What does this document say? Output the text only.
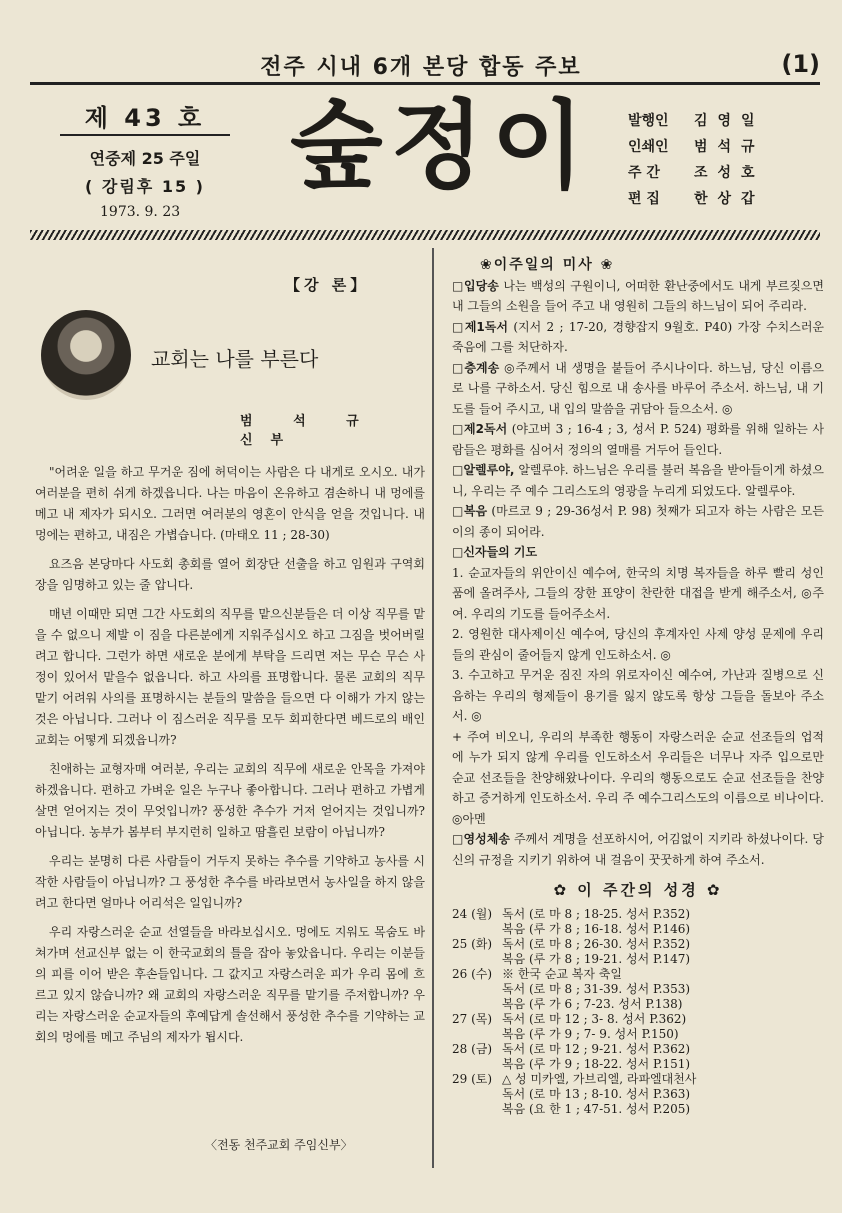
전주 시내 6개 본당 합동 주보	(1)
제 43 호
연중제 25 주일
( 강림후 15 )
1973. 9. 23
숲정이	발행인	김영일
인쇄인	범석규
주 간	조성호
편 집	한상갑
【강 론】
교회는 나를 부른다
범 석 규 신부

"어려운 일을 하고 무거운 짐에 허덕이는 사람은 다 내게로 오시오. 내가 여러분을 편히 쉬게 하겠읍니다. 나는 마음이 온유하고 겸손하니 내 멍에를 메고 내 제자가 되시오. 그러면 여러분의 영혼이 안식을 얻을 것입니다. 내 멍에는 편하고, 내짐은 가볍습니다. (마태오 11 ; 28-30)

요즈음 본당마다 사도회 총회를 열어 회장단 선출을 하고 임원과 구역회장을 임명하고 있는 줄 압니다.

매년 이때만 되면 그간 사도회의 직무를 맡으신분들은 더 이상 직무를 맡을 수 없으니 제발 이 짐을 다른분에게 지워주십시오 하고 그짐을 벗어버릴려고 합니다. 그런가 하면 새로운 분에게 부탁을 드리면 저는 무슨 무슨 사정이 있어서 맡을수 없읍니다. 하고 사의를 표명합니다. 물론 교회의 직무 맡기 어려워 사의를 표명하시는 분들의 말씀을 들으면 다 이해가 가지 않는 것은 아닙니다. 그러나 이 짐스러운 직무를 모두 회피한다면 베드로의 배인 교회는 어떻게 되겠읍니까?

친애하는 교형자매 여러분, 우리는 교회의 직무에 새로운 안목을 가져야 하겠읍니다. 편하고 가벼운 일은 누구나 좋아합니다. 그러나 편하고 가볍게 살면 얻어지는 것이 무엇입니까? 풍성한 추수가 거저 얻어지는 것입니까? 아닙니다. 농부가 봄부터 부지런히 일하고 땀흘린 보람이 아닙니까?

우리는 분명히 다른 사람들이 거두지 못하는 추수를 기약하고 농사를 시작한 사람들이 아닙니까? 그 풍성한 추수를 바라보면서 농사일을 하지 않을려고 한다면 얼마나 어리석은 일입니까?

우리 자랑스러운 순교 선열들을 바라보십시오. 멍에도 지워도 목숨도 바쳐가며 선교신부 없는 이 한국교회의 틀을 잡아 놓았읍니다. 우리는 이분들의 피를 이어 받은 후손들입니다. 그 값지고 자랑스러운 피가 우리 몸에 흐르고 있지 않습니까? 왜 교회의 자랑스러운 직무를 맡기를 주저합니까? 우리는 자랑스러운 순교자들의 후예답게 솔선해서 풍성한 추수를 기약하는 교회의 멍에를 메고 주님의 제자가 됩시다.

〈전동 천주교회 주임신부〉
❀이주일의 미사 ❀

□입당송 나는 백성의 구원이니, 어떠한 환난중에서도 내게 부르짖으면 내 그들의 소원을 들어 주고 내 영원히 그들의 하느님이 되어 주리라.

□제1독서 (지서 2 ; 17-20, 경향잡지 9월호. P40) 가장 수치스러운 죽음에 그를 처단하자.

□층계송 ◎주께서 내 생명을 붙들어 주시나이다. 하느님, 당신 이름으로 나를 구하소서. 당신 힘으로 내 송사를 바루어 주소서. 하느님, 내 기도를 들어 주시고, 내 입의 말씀을 귀담아 들으소서. ◎

□제2독서 (야고버 3 ; 16-4 ; 3, 성서 P. 524) 평화를 위해 일하는 사람들은 평화를 심어서 정의의 열매를 거두어 들인다.

□알렐루야, 알렐루야. 하느님은 우리를 불러 복음을 받아들이게 하셨으니, 우리는 주 예수 그리스도의 영광을 누리게 되었도다. 알렐루야.

□복음 (마르코 9 ; 29-36성서 P. 98) 첫째가 되고자 하는 사람은 모든 이의 종이 되어라.

□신자들의 기도

1. 순교자들의 위안이신 예수여, 한국의 치명 복자들을 하루 빨리 성인 품에 올려주사, 그들의 장한 표양이 찬란한 대접을 받게 해주소서, ◎주여. 우리의 기도를 들어주소서.

2. 영원한 대사제이신 예수여, 당신의 후계자인 사제 양성 문제에 우리들의 관심이 줄어들지 않게 인도하소서. ◎

3. 수고하고 무거운 짐진 자의 위로자이신 예수여, 가난과 질병으로 신음하는 우리의 형제들이 용기를 잃지 않도록 항상 그들을 돌보아 주소서. ◎

+ 주여 비오니, 우리의 부족한 행동이 자랑스러운 순교 선조들의 업적에 누가 되지 않게 우리를 인도하소서 우리들은 너무나 자주 입으로만 순교 선조들을 찬양해왔나이다. 우리의 행동으로도 순교 선조들을 찬양하고 증거하게 인도하소서. 우리 주 예수그리스도의 이름으로 비나이다. ◎아멘

□영성체송 주께서 계명을 선포하시어, 어김없이 지키라 하셨나이다. 당신의 규정을 지키기 위하여 내 걸음이 꿋꿋하게 하여 주소서.

✿ 이 주간의 성경 ✿
24 (월) 독서 (로 마 8 ; 18-25. 성서 P.352)
복음 (루 가 8 ; 16-18. 성서 P.146)
25 (화) 독서 (로 마 8 ; 26-30. 성서 P.352)
복음 (루 가 8 ; 19-21. 성서 P.147)
26 (수) ※ 한국 순교 복자 축일
독서 (로 마 8 ; 31-39. 성서 P.353)
복음 (루 가 6 ; 7-23. 성서 P.138)
27 (목) 독서 (로 마 12 ; 3- 8. 성서 P.362)
복음 (루 가 9 ; 7- 9. 성서 P.150)
28 (금) 독서 (로 마 12 ; 9-21. 성서 P.362)
복음 (루 가 9 ; 18-22. 성서 P.151)
29 (토) △ 성 미카엘, 가브리엘, 라파엘대천사
독서 (로 마 13 ; 8-10. 성서 P.363)
복음 (요 한 1 ; 47-51. 성서 P.205)
